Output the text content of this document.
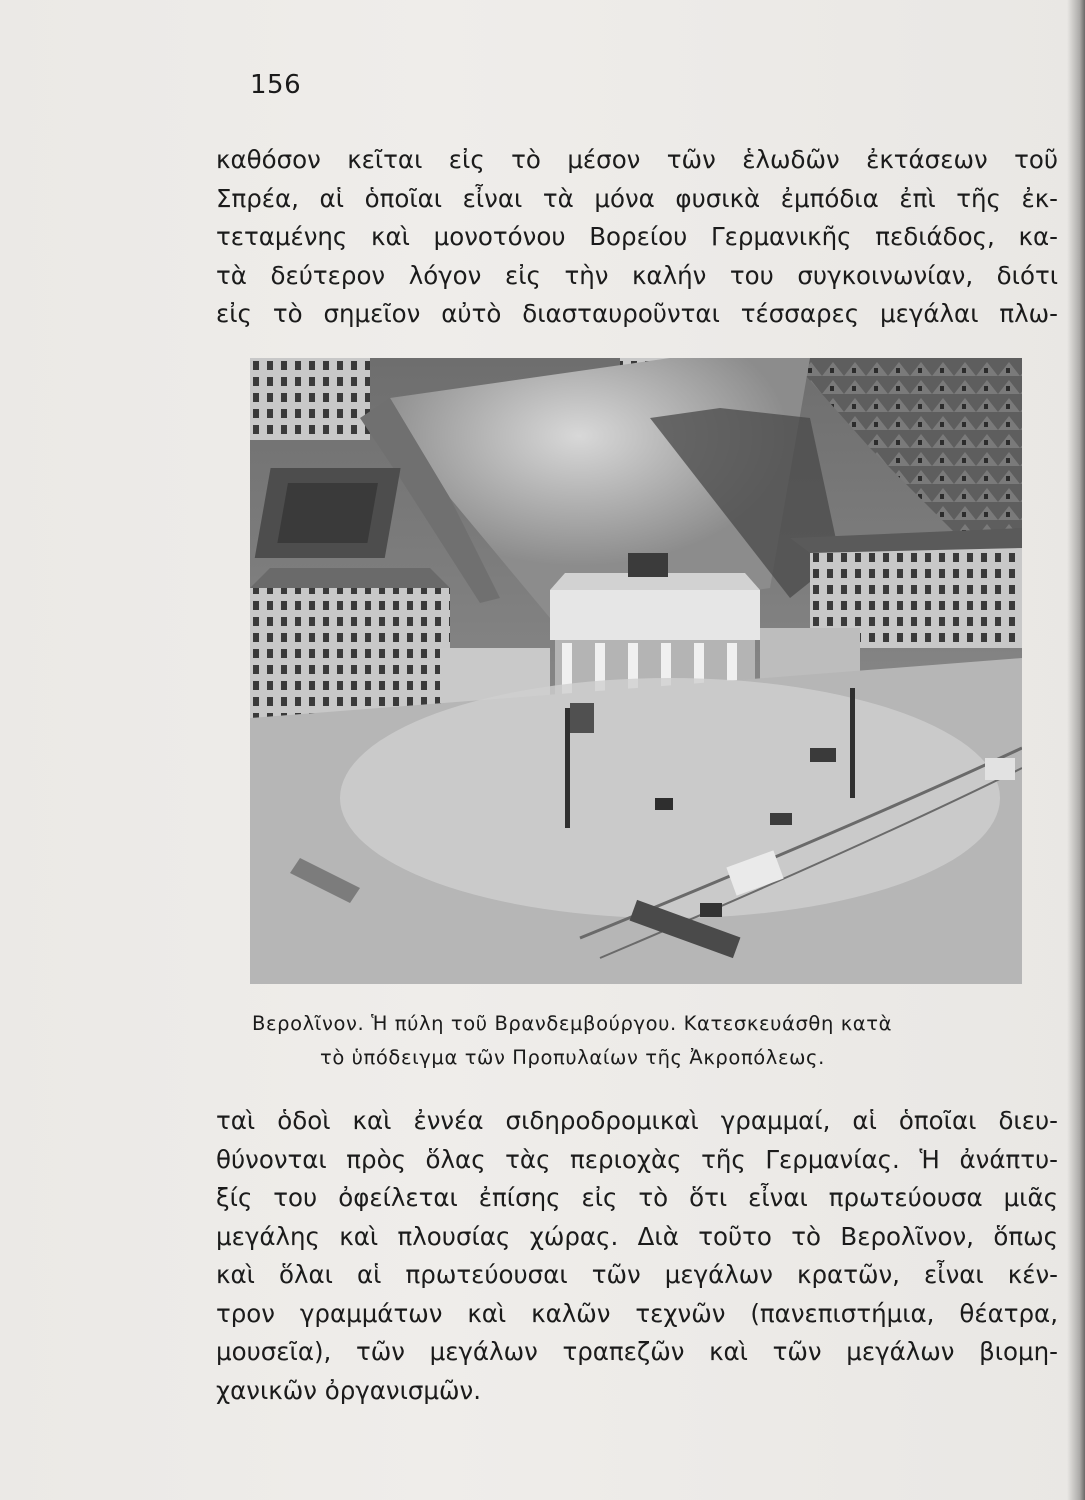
156
καθόσον κεῖται εἰς τὸ μέσον τῶν ἑλωδῶν ἐκτάσεων τοῦ
Σπρέα, αἱ ὁποῖαι εἶναι τὰ μόνα φυσικὰ ἐμπόδια ἐπὶ τῆς ἐκ-
τεταμένης καὶ μονοτόνου Βορείου Γερμανικῆς πεδιάδος, κα-
τὰ δεύτερον λόγον εἰς τὴν καλήν του συγκοινωνίαν, διότι
εἰς τὸ σημεῖον αὐτὸ διασταυροῦνται τέσσαρες μεγάλαι πλω-
Βερολῖνον. Ἡ πύλη τοῦ Βρανδεμβούργου. Κατεσκευάσθη κατὰ
τὸ ὑπόδειγμα τῶν Προπυλαίων τῆς Ἀκροπόλεως.
ταὶ ὁδοὶ καὶ ἐννέα σιδηροδρομικαὶ γραμμαί, αἱ ὁποῖαι διευ-
θύνονται πρὸς ὅλας τὰς περιοχὰς τῆς Γερμανίας. Ἡ ἀνάπτυ-
ξίς του ὀφείλεται ἐπίσης εἰς τὸ ὅτι εἶναι πρωτεύουσα μιᾶς
μεγάλης καὶ πλουσίας χώρας. Διὰ τοῦτο τὸ Βερολῖνον, ὅπως
καὶ ὅλαι αἱ πρωτεύουσαι τῶν μεγάλων κρατῶν, εἶναι κέν-
τρον γραμμάτων καὶ καλῶν τεχνῶν (πανεπιστήμια, θέατρα,
μουσεῖα), τῶν μεγάλων τραπεζῶν καὶ τῶν μεγάλων βιομη-
χανικῶν ὀργανισμῶν.
